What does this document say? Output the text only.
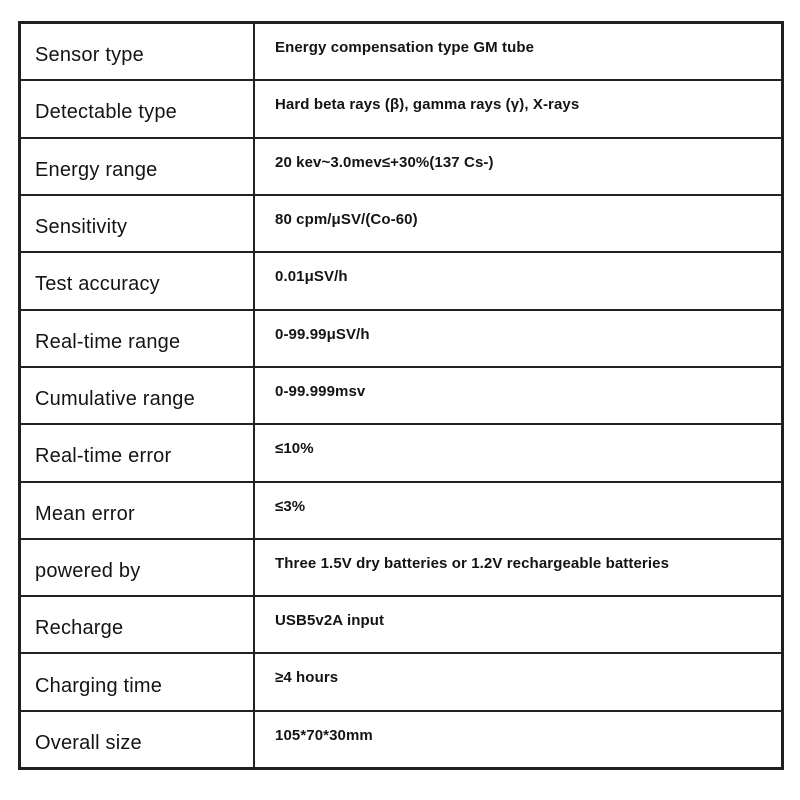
Sensor type	Energy compensation type GM tube
Detectable type	Hard beta rays (β), gamma rays (γ), X-rays
Energy range	20 kev~3.0mev≤+30%(137 Cs-)
Sensitivity	80 cpm/μSV/(Co-60)
Test accuracy	0.01μSV/h
Real-time range	0-99.99μSV/h
Cumulative range	0-99.999msv
Real-time error	≤10%
Mean error	≤3%
powered by	Three 1.5V dry batteries or 1.2V rechargeable batteries
Recharge	USB5v2A input
Charging time	≥4 hours
Overall size	105*70*30mm
